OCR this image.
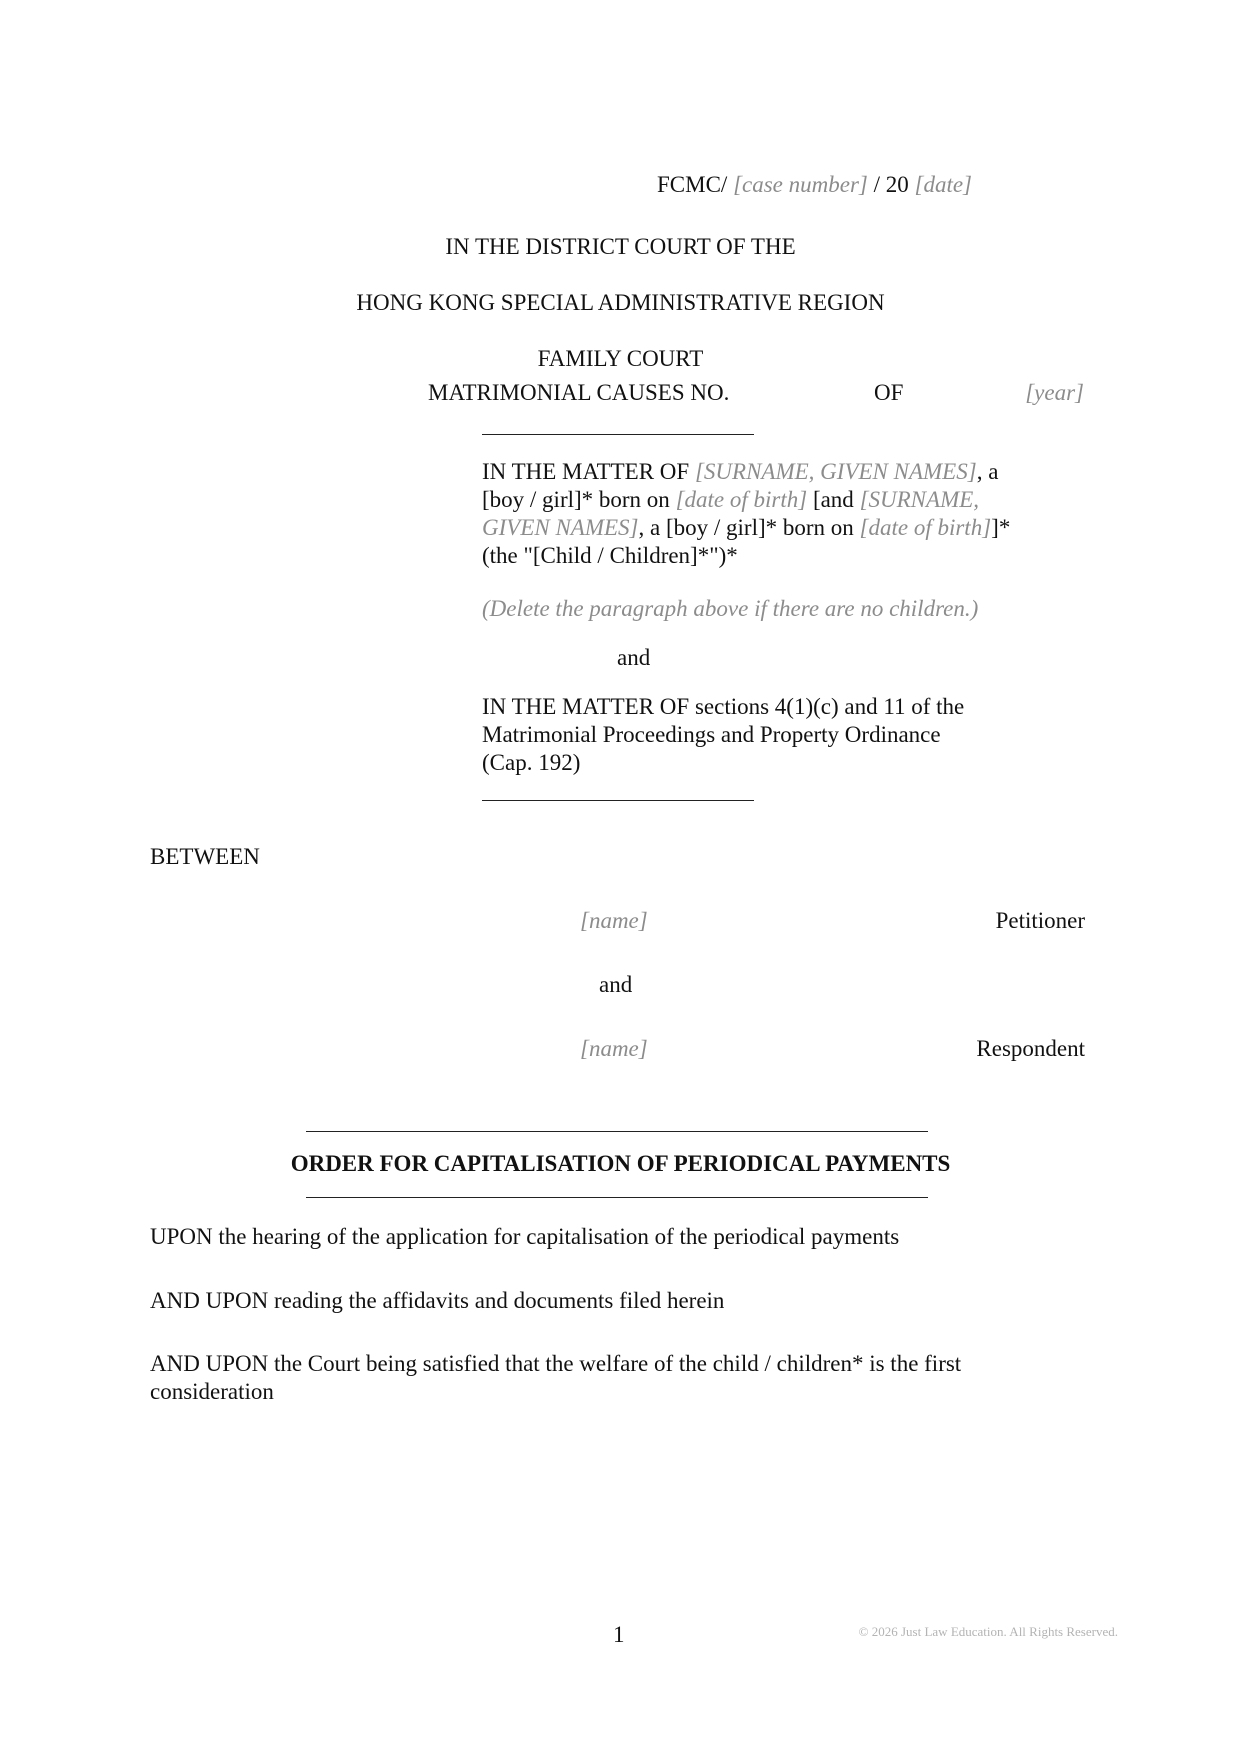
FCMC/ [case number] / 20 [date]
IN THE DISTRICT COURT OF THE
HONG KONG SPECIAL ADMINISTRATIVE REGION
FAMILY COURT
MATRIMONIAL CAUSES NO.	OF	[year]
IN THE MATTER OF [SURNAME, GIVEN NAMES], a
[boy / girl]* born on [date of birth] [and [SURNAME,
GIVEN NAMES], a [boy / girl]* born on [date of birth]]*
(the "[Child / Children]*")*
(Delete the paragraph above if there are no children.)
and
IN THE MATTER OF sections 4(1)(c) and 11 of the
Matrimonial Proceedings and Property Ordinance
(Cap. 192)
BETWEEN
[name]	Petitioner
and
[name]	Respondent
ORDER FOR CAPITALISATION OF PERIODICAL PAYMENTS
UPON the hearing of the application for capitalisation of the periodical payments
AND UPON reading the affidavits and documents filed herein
AND UPON the Court being satisfied that the welfare of the child / children* is the first
consideration
1	© 2026 Just Law Education. All Rights Reserved.
